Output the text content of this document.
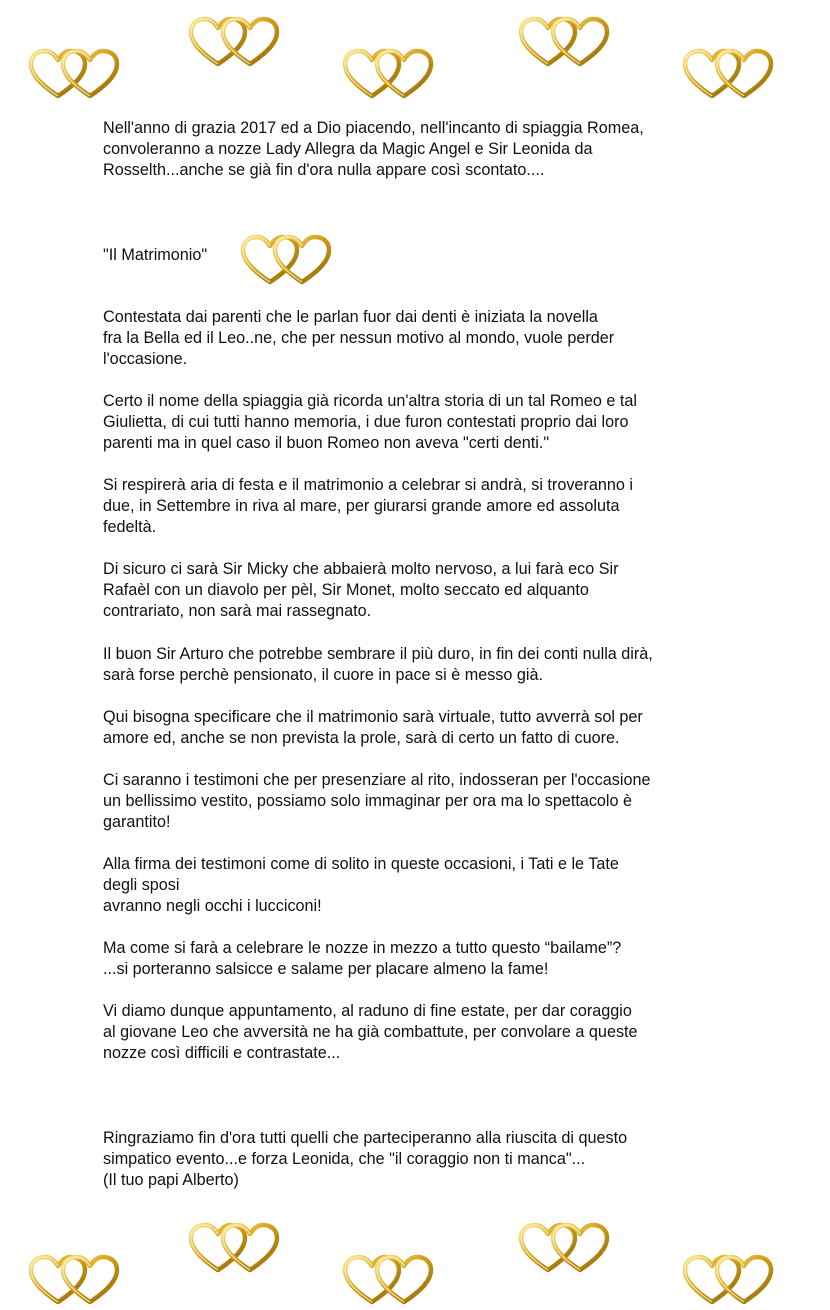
Nell'anno di grazia 2017 ed a Dio piacendo, nell'incanto di spiaggia Romea,
convoleranno a nozze Lady Allegra da Magic Angel e Sir Leonida da
Rosselth...anche se già fin d'ora nulla appare così scontato....

"Il Matrimonio"

Contestata dai parenti che le parlan fuor dai denti è iniziata la novella
fra la Bella ed il Leo..ne, che per nessun motivo al mondo, vuole perder
l'occasione.

Certo il nome della spiaggia già ricorda un'altra storia di un tal Romeo e tal
Giulietta, di cui tutti hanno memoria, i due furon contestati proprio dai loro
parenti ma in quel caso il buon Romeo non aveva "certi denti."

Si respirerà aria di festa e il matrimonio a celebrar si andrà, si troveranno i
due, in Settembre in riva al mare, per giurarsi grande amore ed assoluta
fedeltà.

Di sicuro ci sarà Sir Micky che abbaierà molto nervoso, a lui farà eco Sir
Rafaèl con un diavolo per pèl, Sir Monet, molto seccato ed alquanto
contrariato, non sarà mai rassegnato.

Il buon Sir Arturo che potrebbe sembrare il più duro, in fin dei conti nulla dirà,
sarà forse perchè pensionato, il cuore in pace si è messo già.

Qui bisogna specificare che il matrimonio sarà virtuale, tutto avverrà sol per
amore ed, anche se non prevista la prole, sarà di certo un fatto di cuore.

Ci saranno i testimoni che per presenziare al rito, indosseran per l'occasione
un bellissimo vestito, possiamo solo immaginar per ora ma lo spettacolo è
garantito!

Alla firma dei testimoni come di solito in queste occasioni, i Tati e le Tate
degli sposi
avranno negli occhi i lucciconi!

Ma come si farà a celebrare le nozze in mezzo a tutto questo “bailame”?
...si porteranno salsicce e salame per placare almeno la fame!

Vi diamo dunque appuntamento, al raduno di fine estate, per dar coraggio
al giovane Leo che avversità ne ha già combattute, per convolare a queste
nozze così difficili e contrastate...

Ringraziamo fin d'ora tutti quelli che parteciperanno alla riuscita di questo
simpatico evento...e forza Leonida, che "il coraggio non ti manca"...
(Il tuo papi Alberto)
